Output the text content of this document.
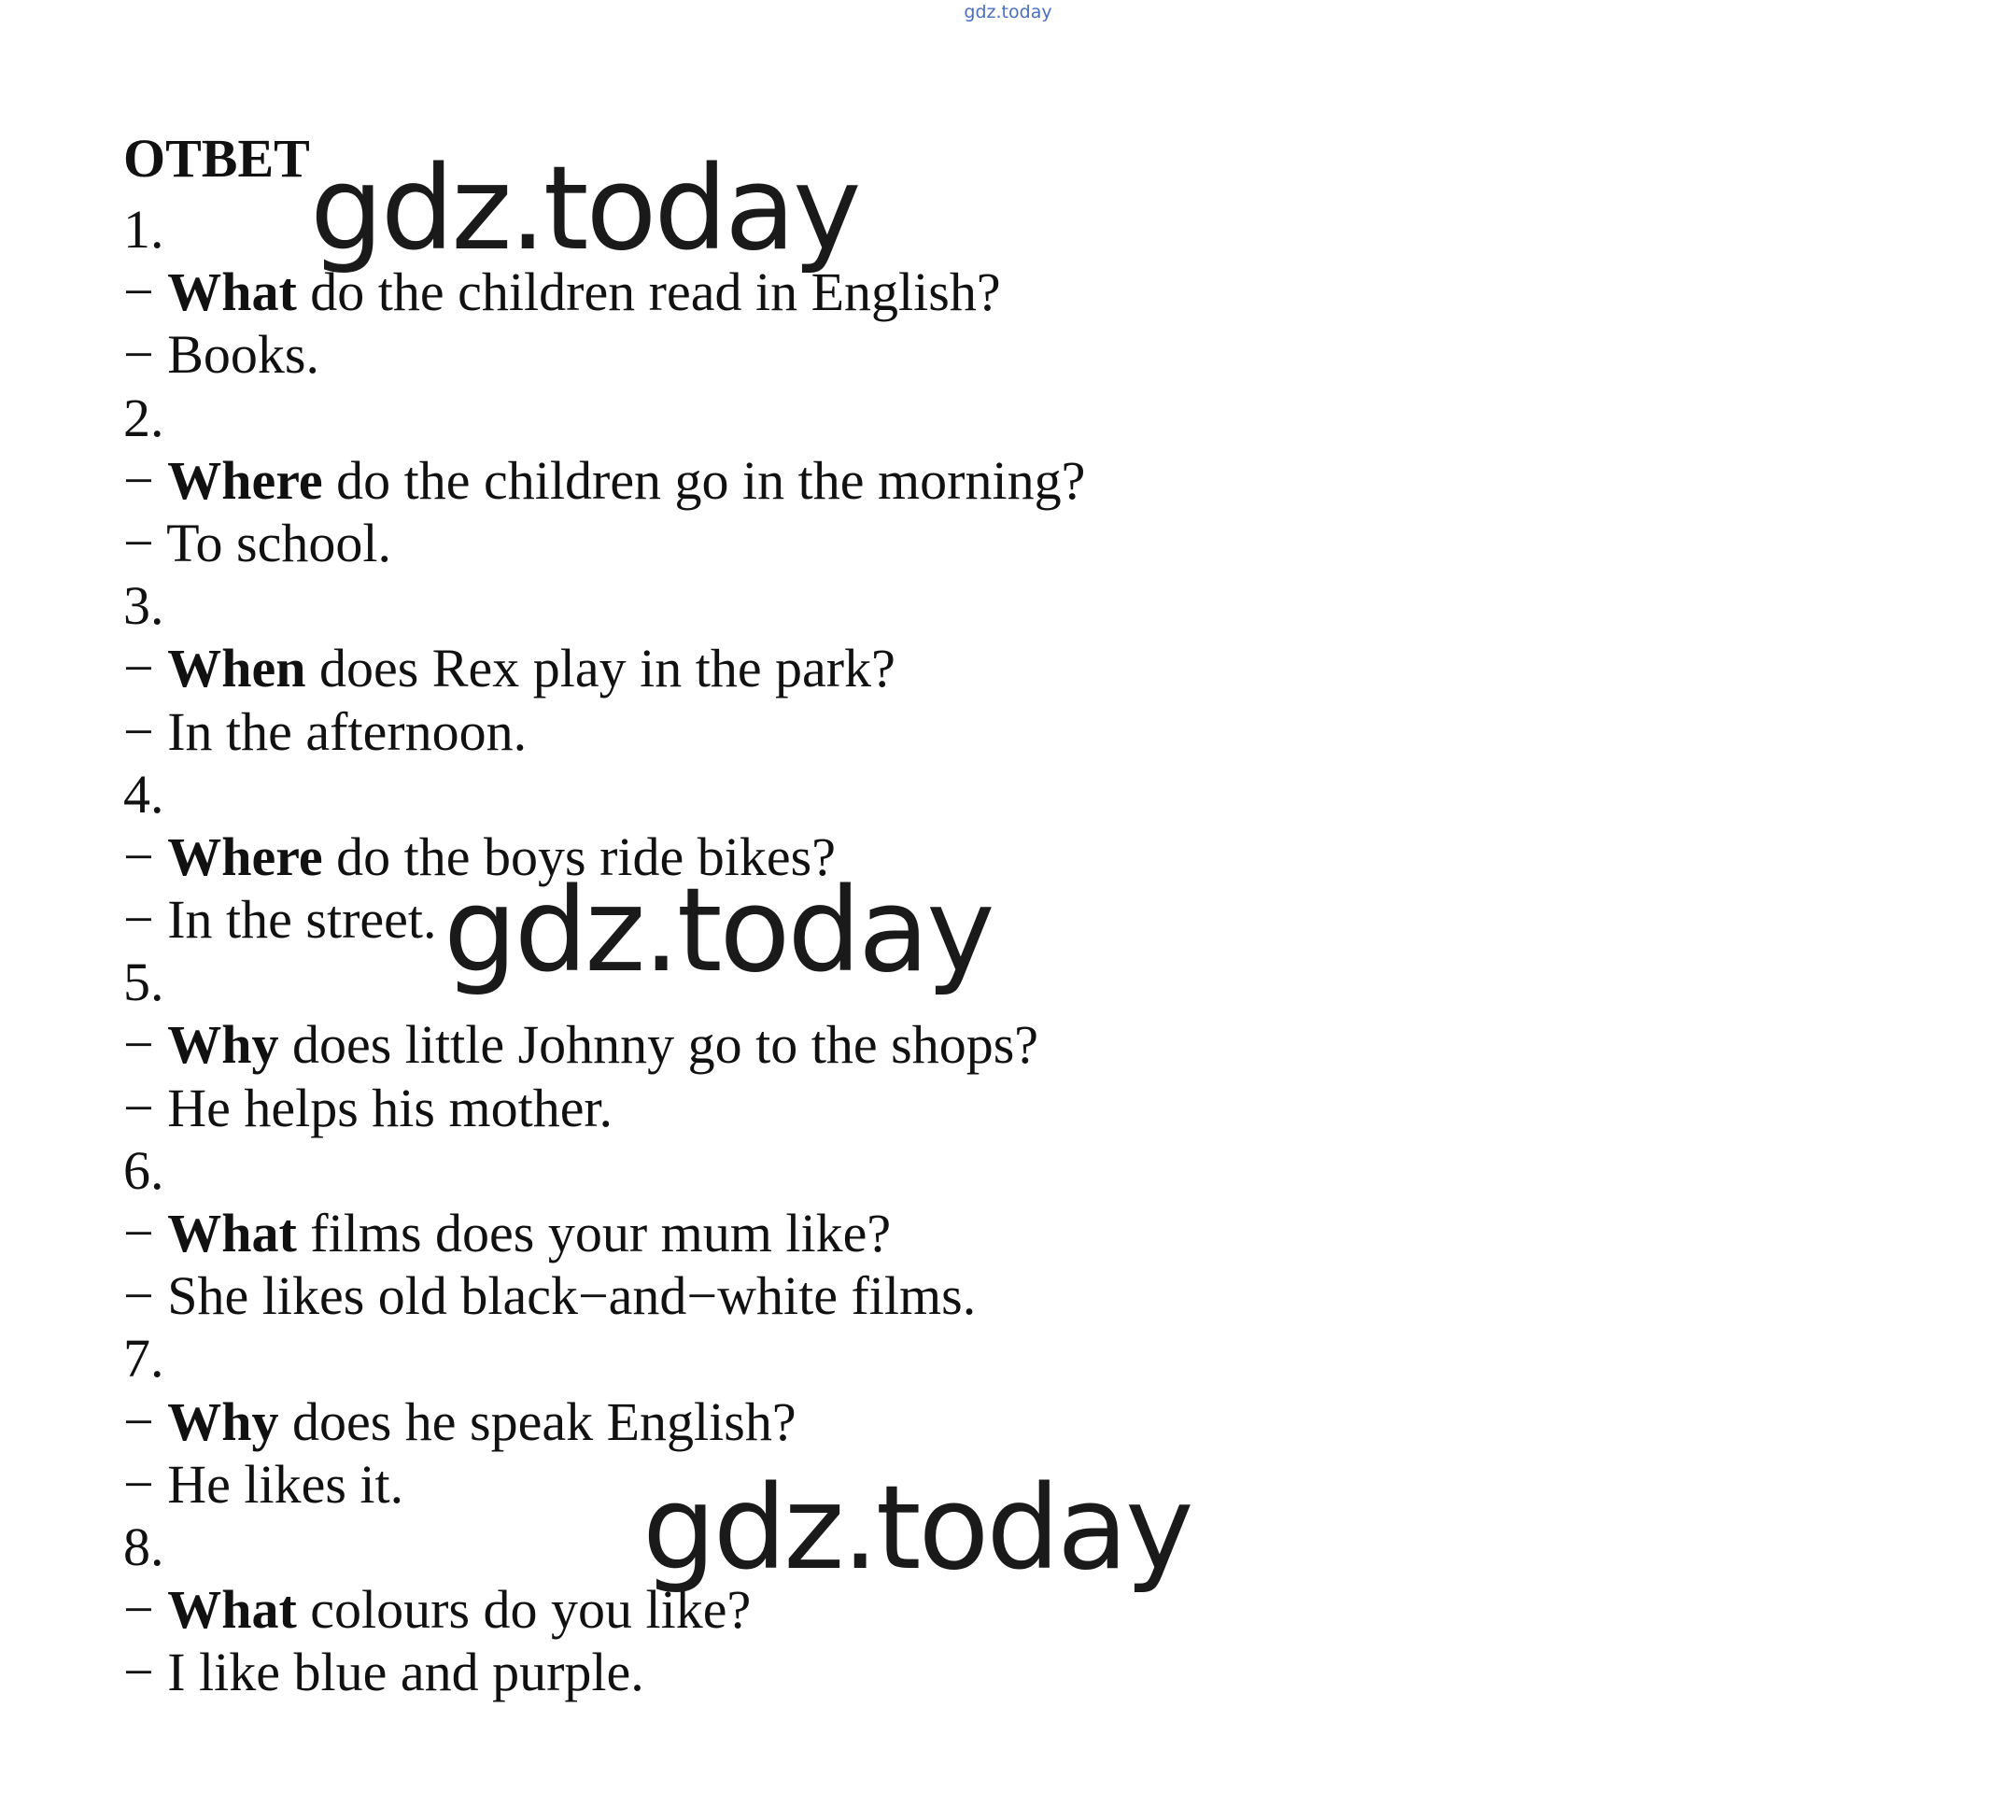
gdz.today
ОТВЕТ
1.
− What do the children read in English?
− Books.
2.
− Where do the children go in the morning?
− To school.
3.
− When does Rex play in the park?
− In the afternoon.
4.
− Where do the boys ride bikes?
− In the street.
5.
− Why does little Johnny go to the shops?
− He helps his mother.
6.
− What films does your mum like?
− She likes old black−and−white films.
7.
− Why does he speak English?
− He likes it.
8.
− What colours do you like?
− I like blue and purple.
gdz.today
gdz.today
gdz.today
